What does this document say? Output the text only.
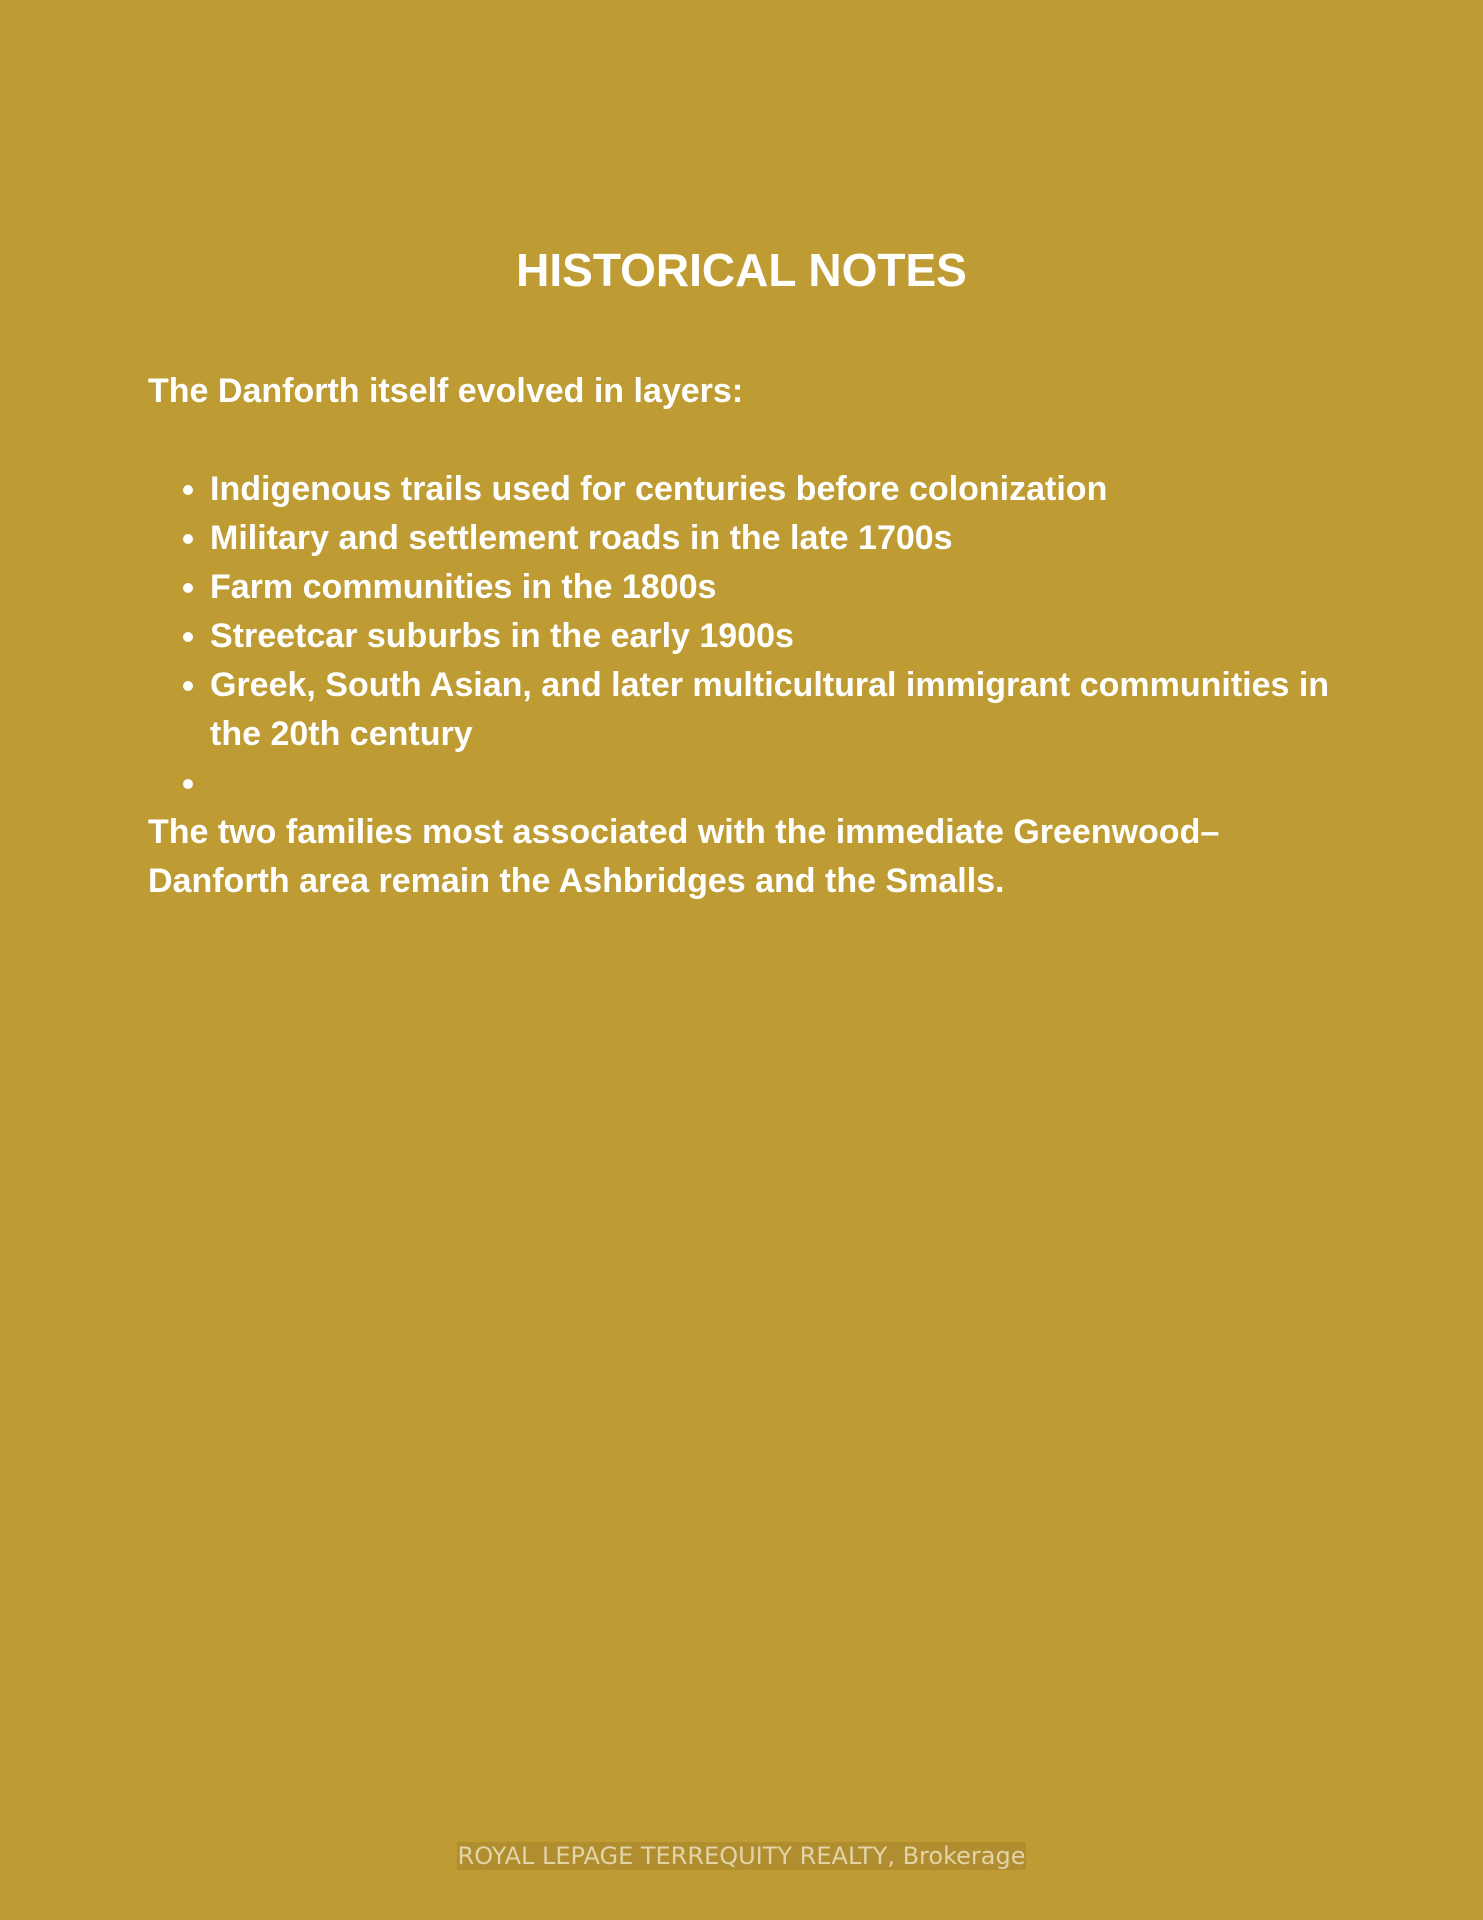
HISTORICAL NOTES

The Danforth itself evolved in layers:

• Indigenous trails used for centuries before colonization
• Military and settlement roads in the late 1700s
• Farm communities in the 1800s
• Streetcar suburbs in the early 1900s
• Greek, South Asian, and later multicultural immigrant communities in the 20th century
•

The two families most associated with the immediate Greenwood–Danforth area remain the Ashbridges and the Smalls.

ROYAL LEPAGE TERREQUITY REALTY, Brokerage
